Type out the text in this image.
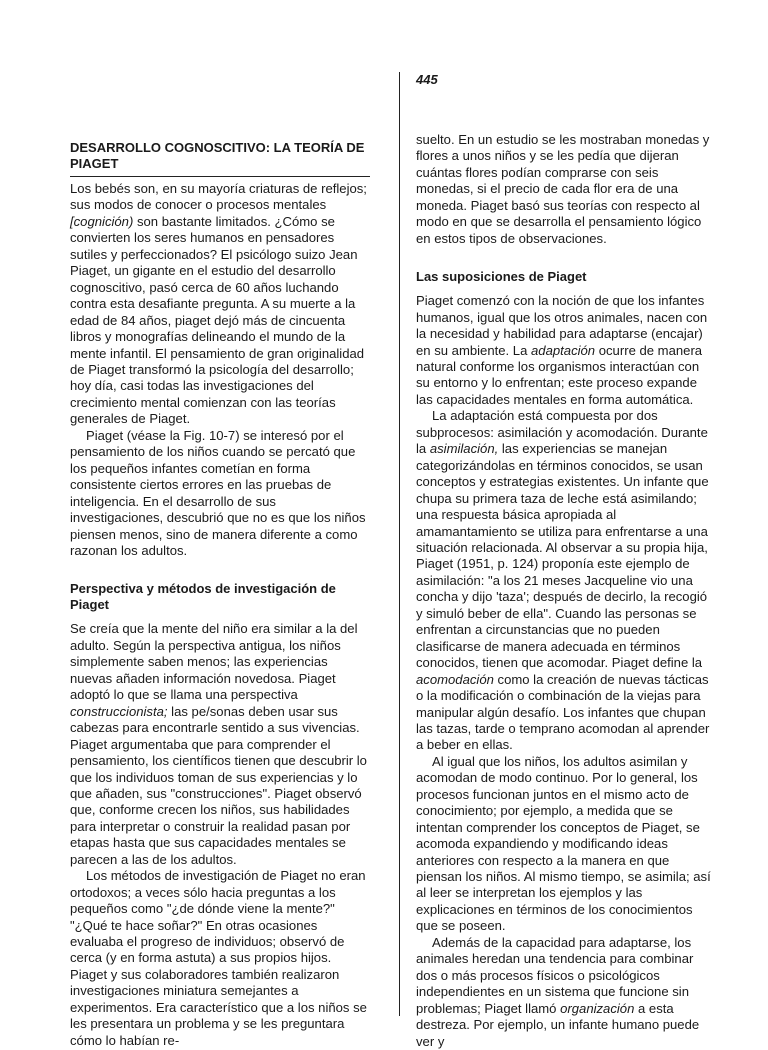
445
DESARROLLO COGNOSCITIVO: LA TEORÍA DE PIAGET

Los bebés son, en su mayoría criaturas de reflejos; sus modos de conocer o procesos mentales [cognición) son bastante limitados. ¿Cómo se convierten los seres humanos en pensadores sutiles y perfeccionados? El psicólogo suizo Jean Piaget, un gigante en el estudio del desarrollo cognoscitivo, pasó cerca de 60 años luchando contra esta desafiante pregunta. A su muerte a la edad de 84 años, piaget dejó más de cincuenta libros y monografías delineando el mundo de la mente infantil. El pensamiento de gran originalidad de Piaget transformó la psicología del desarrollo; hoy día, casi todas las investigaciones del crecimiento mental comienzan con las teorías generales de Piaget.

Piaget (véase la Fig. 10-7) se interesó por el pensamiento de los niños cuando se percató que los pequeños infantes cometían en forma consistente ciertos errores en las pruebas de inteligencia. En el desarrollo de sus investigaciones, descubrió que no es que los niños piensen menos, sino de manera diferente a como razonan los adultos.

Perspectiva y métodos de investigación de Piaget

Se creía que la mente del niño era similar a la del adulto. Según la perspectiva antigua, los niños simplemente saben menos; las experiencias nuevas añaden información novedosa. Piaget adoptó lo que se llama una perspectiva construccionista; las pe/sonas deben usar sus cabezas para encontrarle sentido a sus vivencias. Piaget argumentaba que para comprender el pensamiento, los científicos tienen que descubrir lo que los individuos toman de sus experiencias y lo que añaden, sus "construcciones". Piaget observó que, conforme crecen los niños, sus habilidades para interpretar o construir la realidad pasan por etapas hasta que sus capacidades mentales se parecen a las de los adultos.

Los métodos de investigación de Piaget no eran ortodoxos; a veces sólo hacia preguntas a los pequeños como "¿de dónde viene la mente?" "¿Qué te hace soñar?" En otras ocasiones evaluaba el progreso de individuos; observó de cerca (y en forma astuta) a sus propios hijos. Piaget y sus colaboradores también realizaron investigaciones miniatura semejantes a experimentos. Era característico que a los niños se les presentara un problema y se les preguntara cómo lo habían re-

suelto. En un estudio se les mostraban monedas y flores a unos niños y se les pedía que dijeran cuántas flores podían comprarse con seis monedas, si el precio de cada flor era de una moneda. Piaget basó sus teorías con respecto al modo en que se desarrolla el pensamiento lógico en estos tipos de observaciones.

Las suposiciones de Piaget

Piaget comenzó con la noción de que los infantes humanos, igual que los otros animales, nacen con la necesidad y habilidad para adaptarse (encajar) en su ambiente. La adaptación ocurre de manera natural conforme los organismos interactúan con su entorno y lo enfrentan; este proceso expande las capacidades mentales en forma automática.

La adaptación está compuesta por dos subprocesos: asimilación y acomodación. Durante la asimilación, las experiencias se manejan categorizándolas en términos conocidos, se usan conceptos y estrategias existentes. Un infante que chupa su primera taza de leche está asimilando; una respuesta básica apropiada al amamantamiento se utiliza para enfrentarse a una situación relacionada. Al observar a su propia hija, Piaget (1951, p. 124) proponía este ejemplo de asimilación: "a los 21 meses Jacqueline vio una concha y dijo 'taza'; después de decirlo, la recogió y simuló beber de ella". Cuando las personas se enfrentan a circunstancias que no pueden clasificarse de manera adecuada en términos conocidos, tienen que acomodar. Piaget define la acomodación como la creación de nuevas tácticas o la modificación o combinación de la viejas para manipular algún desafío. Los infantes que chupan las tazas, tarde o temprano acomodan al aprender a beber en ellas.

Al igual que los niños, los adultos asimilan y acomodan de modo continuo. Por lo general, los procesos funcionan juntos en el mismo acto de conocimiento; por ejemplo, a medida que se intentan comprender los conceptos de Piaget, se acomoda expandiendo y modificando ideas anteriores con respecto a la manera en que piensan los niños. Al mismo tiempo, se asimila; así al leer se interpretan los ejemplos y las explicaciones en términos de los conocimientos que se poseen.

Además de la capacidad para adaptarse, los animales heredan una tendencia para combinar dos o más procesos físicos o psicológicos independientes en un sistema que funcione sin problemas; Piaget llamó organización a esta destreza. Por ejemplo, un infante humano puede ver y
